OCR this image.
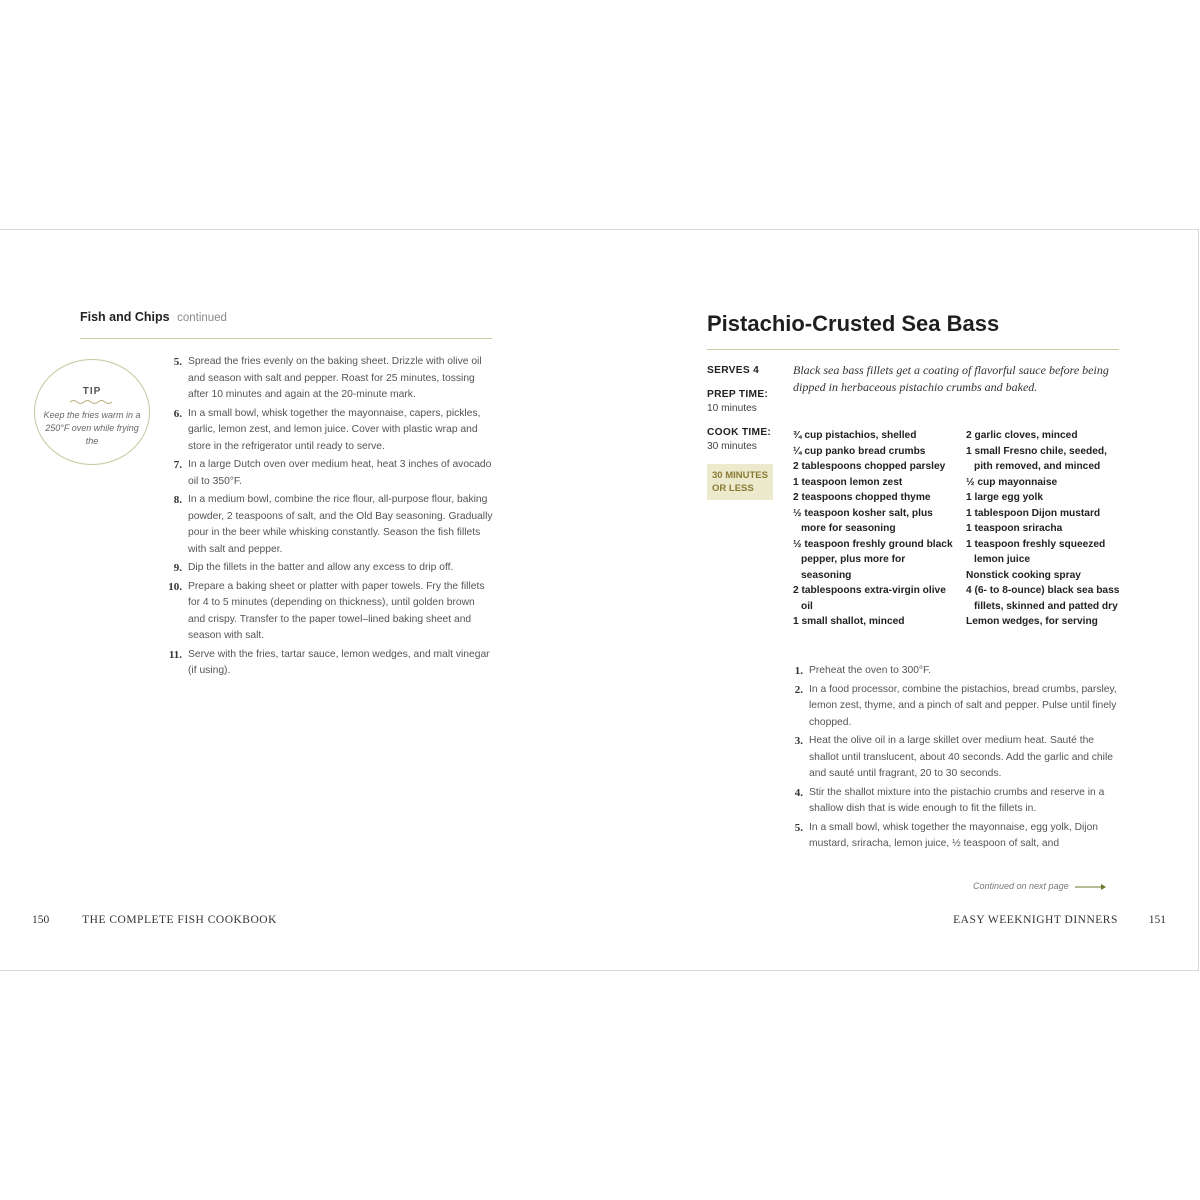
Fish and Chips continued
TIP
Keep the fries warm in a 250°F oven while frying the
5. Spread the fries evenly on the baking sheet. Drizzle with olive oil and season with salt and pepper. Roast for 25 minutes, tossing after 10 minutes and again at the 20-minute mark.
6. In a small bowl, whisk together the mayonnaise, capers, pickles, garlic, lemon zest, and lemon juice. Cover with plastic wrap and store in the refrigerator until ready to serve.
7. In a large Dutch oven over medium heat, heat 3 inches of avocado oil to 350°F.
8. In a medium bowl, combine the rice flour, all-purpose flour, baking powder, 2 teaspoons of salt, and the Old Bay seasoning. Gradually pour in the beer while whisking constantly. Season the fish fillets with salt and pepper.
9. Dip the fillets in the batter and allow any excess to drip off.
10. Prepare a baking sheet or platter with paper towels. Fry the fillets for 4 to 5 minutes (depending on thickness), until golden brown and crispy. Transfer to the paper towel–lined baking sheet and season with salt.
11. Serve with the fries, tartar sauce, lemon wedges, and malt vinegar (if using).
150	THE COMPLETE FISH COOKBOOK
Pistachio-Crusted Sea Bass
SERVES 4
PREP TIME:
10 minutes
COOK TIME:
30 minutes
30 MINUTES
OR LESS
Black sea bass fillets get a coating of flavorful sauce before being dipped in herbaceous pistachio crumbs and baked.
¾ cup pistachios, shelled
¼ cup panko bread crumbs
2 tablespoons chopped parsley
1 teaspoon lemon zest
2 teaspoons chopped thyme
½ teaspoon kosher salt, plus more for seasoning
½ teaspoon freshly ground black pepper, plus more for seasoning
2 tablespoons extra-virgin olive oil
1 small shallot, minced
2 garlic cloves, minced
1 small Fresno chile, seeded, pith removed, and minced
½ cup mayonnaise
1 large egg yolk
1 tablespoon Dijon mustard
1 teaspoon sriracha
1 teaspoon freshly squeezed lemon juice
Nonstick cooking spray
4 (6- to 8-ounce) black sea bass fillets, skinned and patted dry
Lemon wedges, for serving
1. Preheat the oven to 300°F.
2. In a food processor, combine the pistachios, bread crumbs, parsley, lemon zest, thyme, and a pinch of salt and pepper. Pulse until finely chopped.
3. Heat the olive oil in a large skillet over medium heat. Sauté the shallot until translucent, about 40 seconds. Add the garlic and chile and sauté until fragrant, 20 to 30 seconds.
4. Stir the shallot mixture into the pistachio crumbs and reserve in a shallow dish that is wide enough to fit the fillets in.
5. In a small bowl, whisk together the mayonnaise, egg yolk, Dijon mustard, sriracha, lemon juice, ½ teaspoon of salt, and
Continued on next page
EASY WEEKNIGHT DINNERS	151
